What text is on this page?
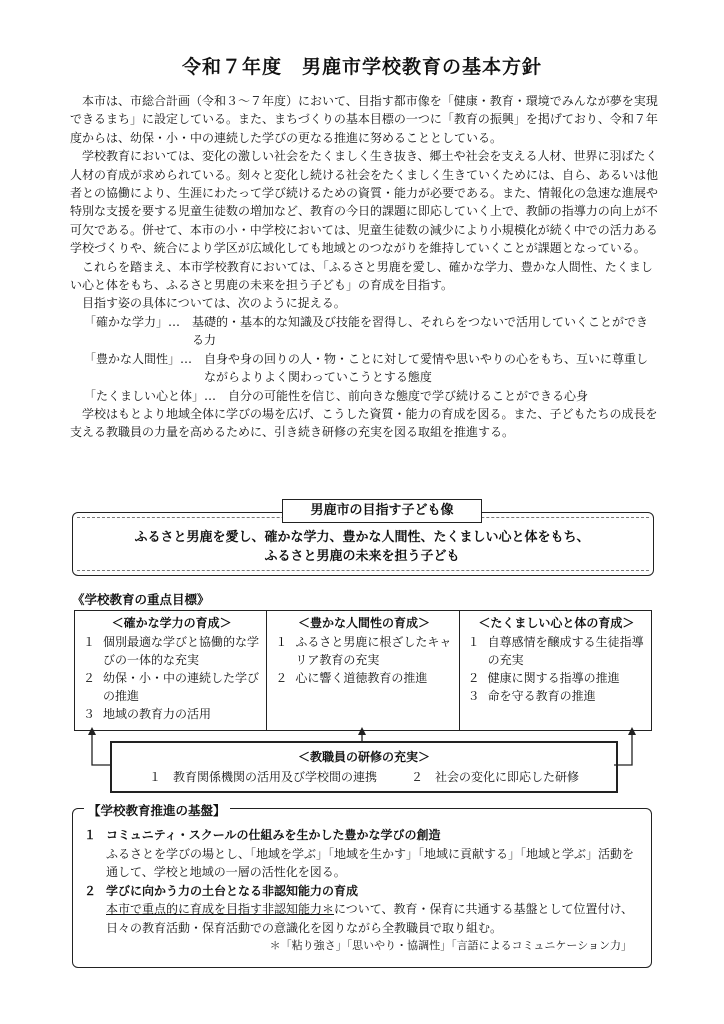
令和７年度　男鹿市学校教育の基本方針

本市は、市総合計画（令和３～７年度）において、目指す都市像を「健康・教育・環境でみんなが夢を実現できるまち」に設定している。また、まちづくりの基本目標の一つに「教育の振興」を掲げており、令和７年度からは、幼保・小・中の連続した学びの更なる推進に努めることとしている。

学校教育においては、変化の激しい社会をたくましく生き抜き、郷土や社会を支える人材、世界に羽ばたく人材の育成が求められている。刻々と変化し続ける社会をたくましく生きていくためには、自ら、あるいは他者との協働により、生涯にわたって学び続けるための資質・能力が必要である。また、情報化の急速な進展や特別な支援を要する児童生徒数の増加など、教育の今日的課題に即応していく上で、教師の指導力の向上が不可欠である。併せて、本市の小・中学校においては、児童生徒数の減少により小規模化が続く中での活力ある学校づくりや、統合により学区が広域化しても地域とのつながりを維持していくことが課題となっている。

これらを踏まえ、本市学校教育においては、「ふるさと男鹿を愛し、確かな学力、豊かな人間性、たくましい心と体をもち、ふるさと男鹿の未来を担う子ども」の育成を目指す。

目指す姿の具体については、次のように捉える。

「確かな学力」…　 基礎的・基本的な知識及び技能を習得し、それらをつないで活用していくことができる力
「豊かな人間性」…　 自身や身の回りの人・物・ことに対して愛情や思いやりの心をもち、互いに尊重しながらよりよく関わっていこうとする態度
「たくましい心と体」…　 自分の可能性を信じ、前向きな態度で学び続けることができる心身

学校はもとより地域全体に学びの場を広げ、こうした資質・能力の育成を図る。また、子どもたちの成長を支える教職員の力量を高めるために、引き続き研修の充実を図る取組を推進する。

男鹿市の目指す子ども像
ふるさと男鹿を愛し、確かな学力、豊かな人間性、たくましい心と体をもち、
ふるさと男鹿の未来を担う子ども
《学校教育の重点目標》
＜確かな学力の育成＞
１ 個別最適な学びと協働的な学びの一体的な充実
２ 幼保・小・中の連続した学びの推進
３ 地域の教育力の活用

＜豊かな人間性の育成＞
１ ふるさと男鹿に根ざしたキャリア教育の充実
２ 心に響く道徳教育の推進

＜たくましい心と体の育成＞
１ 自尊感情を醸成する生徒指導の充実
２ 健康に関する指導の推進
３ 命を守る教育の推進
＜教職員の研修の充実＞
１　教育関係機関の活用及び学校間の連携	２　社会の変化に即応した研修
【学校教育推進の基盤】
１ コミュニティ・スクールの仕組みを生かした豊かな学びの創造
ふるさとを学びの場とし、「地域を学ぶ」「地域を生かす」「地域に貢献する」「地域と学ぶ」活動を通して、学校と地域の一層の活性化を図る。
２ 学びに向かう力の土台となる非認知能力の育成
本市で重点的に育成を目指す非認知能力＊について、教育・保育に共通する基盤として位置付け、日々の教育活動・保育活動での意識化を図りながら全教職員で取り組む。
＊「粘り強さ」「思いやり・協調性」「言語によるコミュニケーション力」
